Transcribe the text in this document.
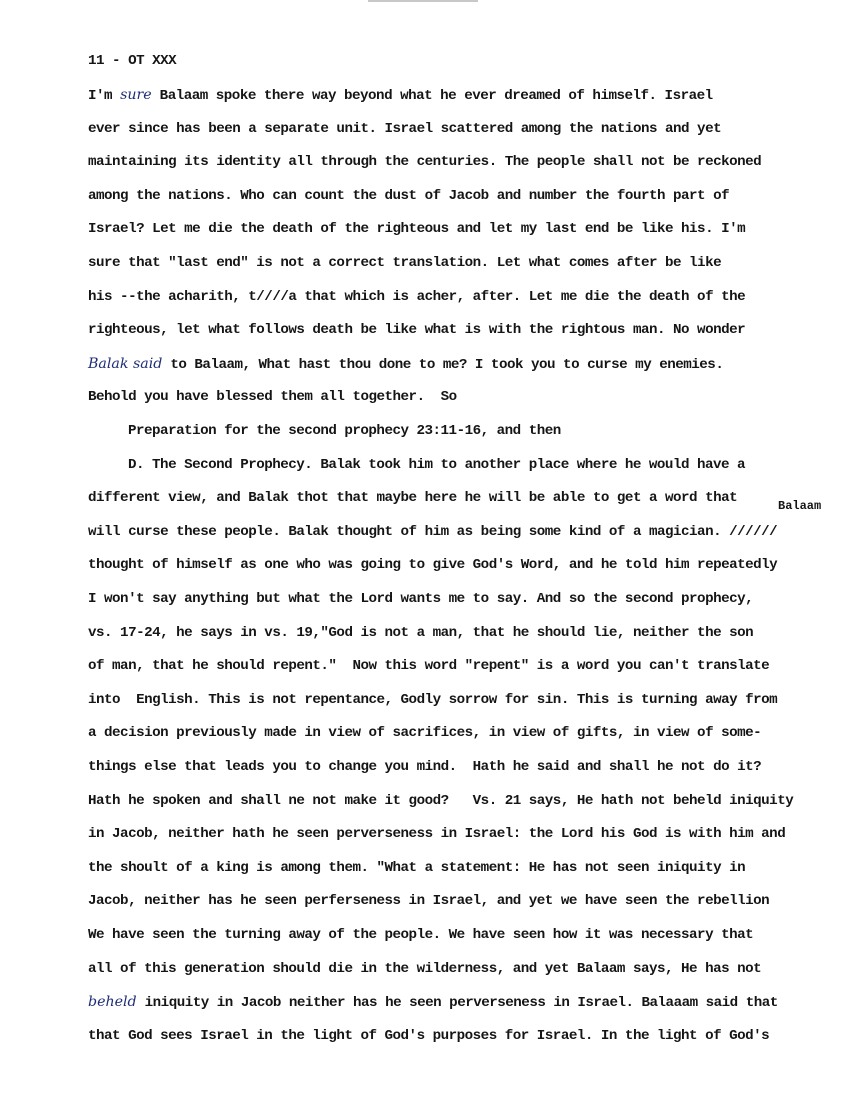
11 - OT XXX
Balaam
I'm sure Balaam spoke there way beyond what he ever dreamed of himself. Israel
ever since has been a separate unit. Israel scattered among the nations and yet
maintaining its identity all through the centuries. The people shall not be reckoned
among the nations. Who can count the dust of Jacob and number the fourth part of
Israel? Let me die the death of the righteous and let my last end be like his. I'm
sure that "last end" is not a correct translation. Let what comes after be like
his --the acharith, t////a that which is acher, after. Let me die the death of the
righteous, let what follows death be like what is with the rightous man. No wonder
Balak said to Balaam, What hast thou done to me? I took you to curse my enemies.
Behold you have blessed them all together.  So
Preparation for the second prophecy 23:11-16, and then
D. The Second Prophecy. Balak took him to another place where he would have a
different view, and Balak thot that maybe here he will be able to get a word that
will curse these people. Balak thought of him as being some kind of a magician. //////
thought of himself as one who was going to give God's Word, and he told him repeatedly
I won't say anything but what the Lord wants me to say. And so the second prophecy,
vs. 17-24, he says in vs. 19,"God is not a man, that he should lie, neither the son
of man, that he should repent."  Now this word "repent" is a word you can't translate
into  English. This is not repentance, Godly sorrow for sin. This is turning away from
a decision previously made in view of sacrifices, in view of gifts, in view of some-
things else that leads you to change you mind.  Hath he said and shall he not do it?
Hath he spoken and shall ne not make it good?   Vs. 21 says, He hath not beheld iniquity
in Jacob, neither hath he seen perverseness in Israel: the Lord his God is with him and
the shoult of a king is among them. "What a statement: He has not seen iniquity in
Jacob, neither has he seen perferseness in Israel, and yet we have seen the rebellion
We have seen the turning away of the people. We have seen how it was necessary that
all of this generation should die in the wilderness, and yet Balaam says, He has not
beheld iniquity in Jacob neither has he seen perverseness in Israel. Balaaam said that
that God sees Israel in the light of God's purposes for Israel. In the light of God's
